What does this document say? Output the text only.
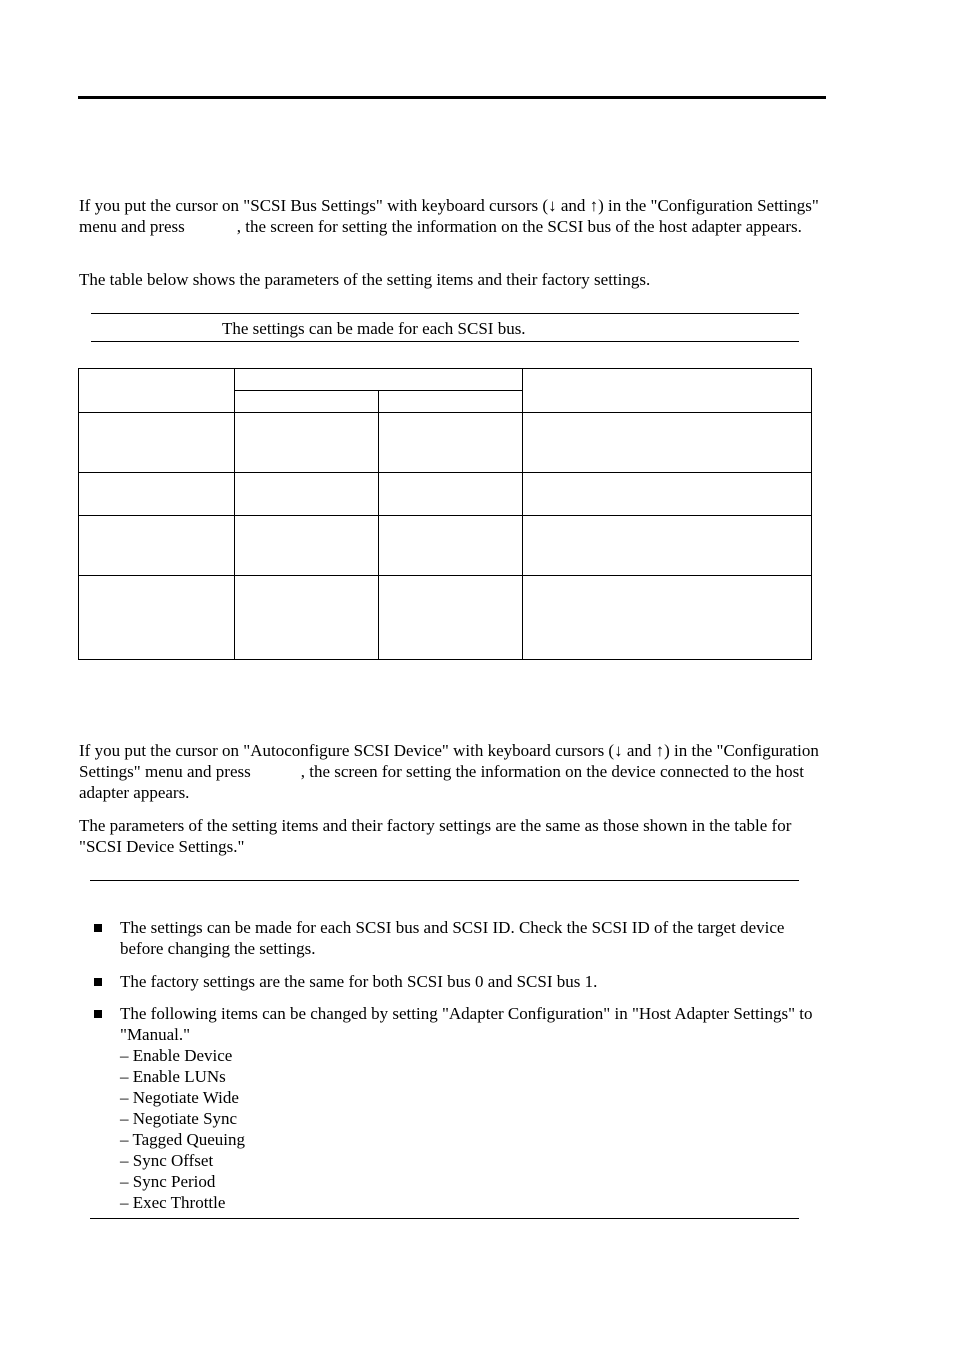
If you put the cursor on "SCSI Bus Settings" with keyboard cursors (↓ and ↑) in the "Configuration Settings" menu and press	, the screen for setting the information on the SCSI bus of the host adapter appears.
The table below shows the parameters of the setting items and their factory settings.
The settings can be made for each SCSI bus.

If you put the cursor on "Autoconfigure SCSI Device" with keyboard cursors (↓ and ↑) in the "Configuration Settings" menu and press	, the screen for setting the information on the device connected to the host adapter appears.
The parameters of the setting items and their factory settings are the same as those shown in the table for "SCSI Device Settings."
The settings can be made for each SCSI bus and SCSI ID. Check the SCSI ID of the target device before changing the settings.
The factory settings are the same for both SCSI bus 0 and SCSI bus 1.
The following items can be changed by setting "Adapter Configuration" in "Host Adapter Settings" to "Manual."
– Enable Device
– Enable LUNs
– Negotiate Wide
– Negotiate Sync
– Tagged Queuing
– Sync Offset
– Sync Period
– Exec Throttle
